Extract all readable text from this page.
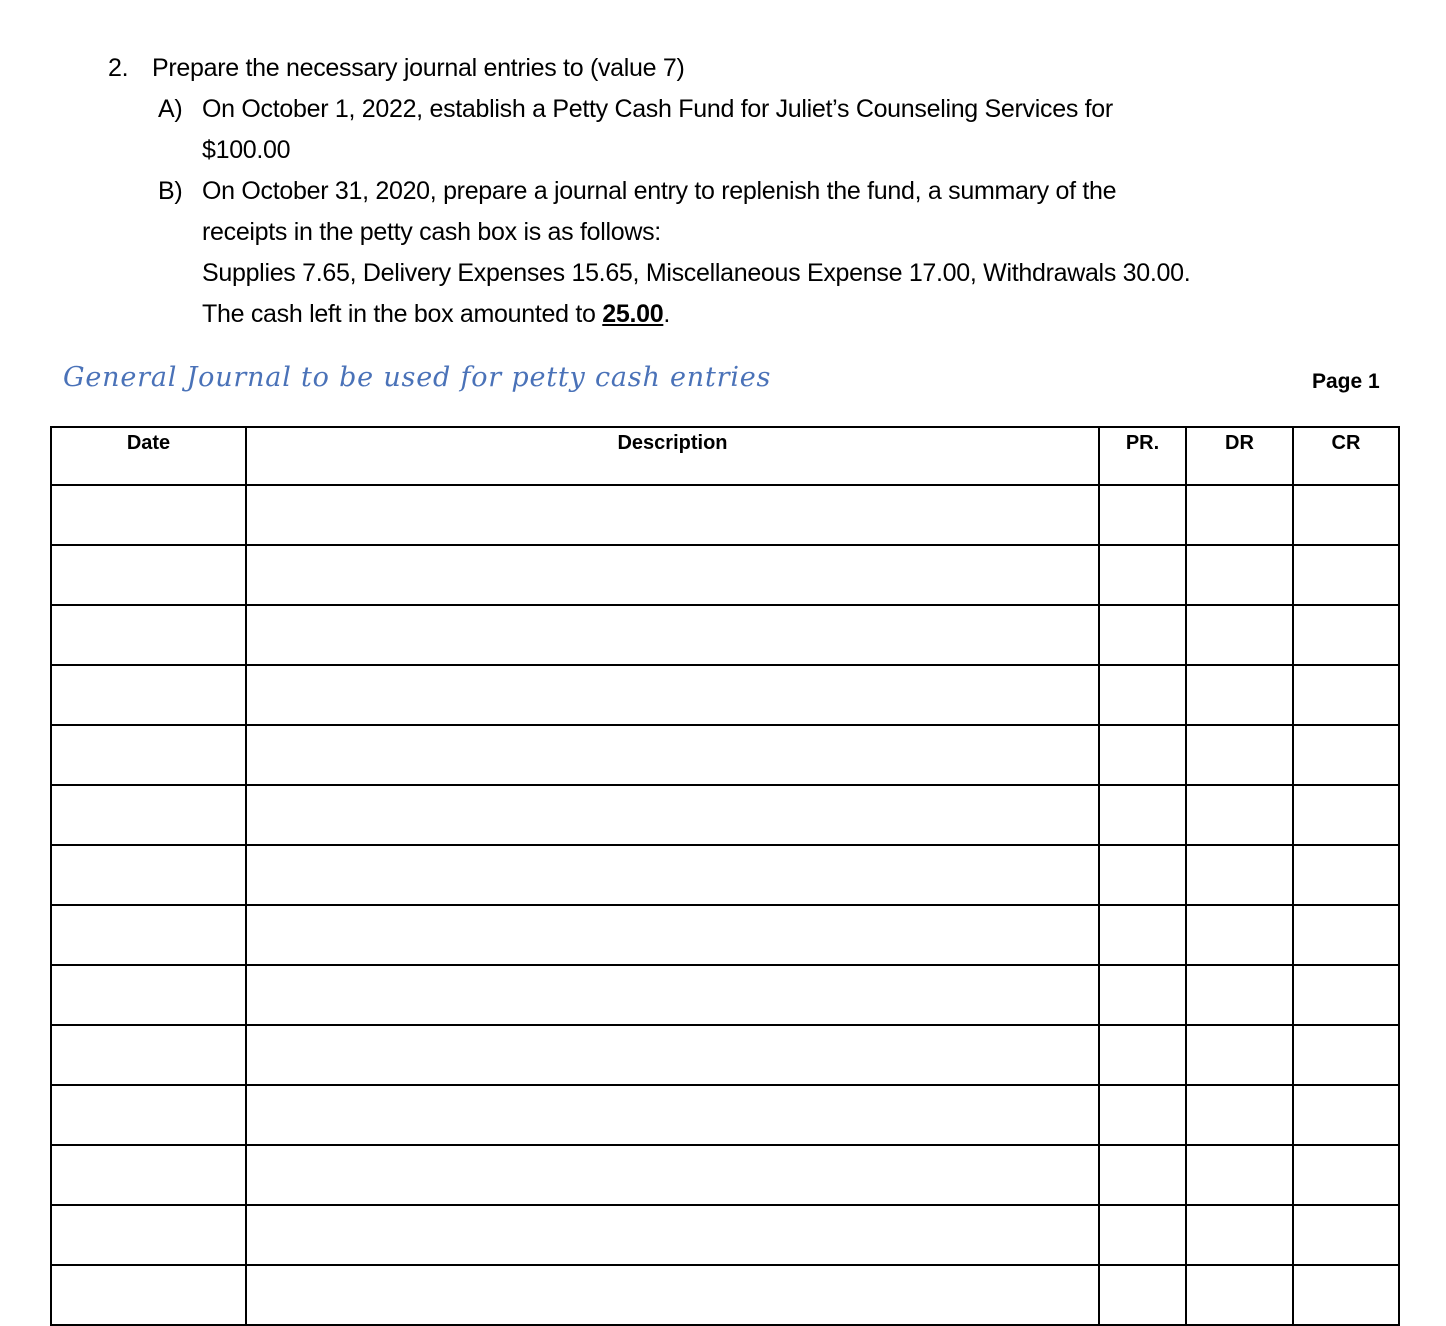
2. Prepare the necessary journal entries to (value 7)
A) On October 1, 2022, establish a Petty Cash Fund for Juliet’s Counseling Services for
$100.00
B) On October 31, 2020, prepare a journal entry to replenish the fund, a summary of the
receipts in the petty cash box is as follows:
Supplies 7.65, Delivery Expenses 15.65, Miscellaneous Expense 17.00, Withdrawals 30.00.
The cash left in the box amounted to 25.00.
General Journal to be used for petty cash entries	Page 1
Date	Description	PR.	DR	CR
